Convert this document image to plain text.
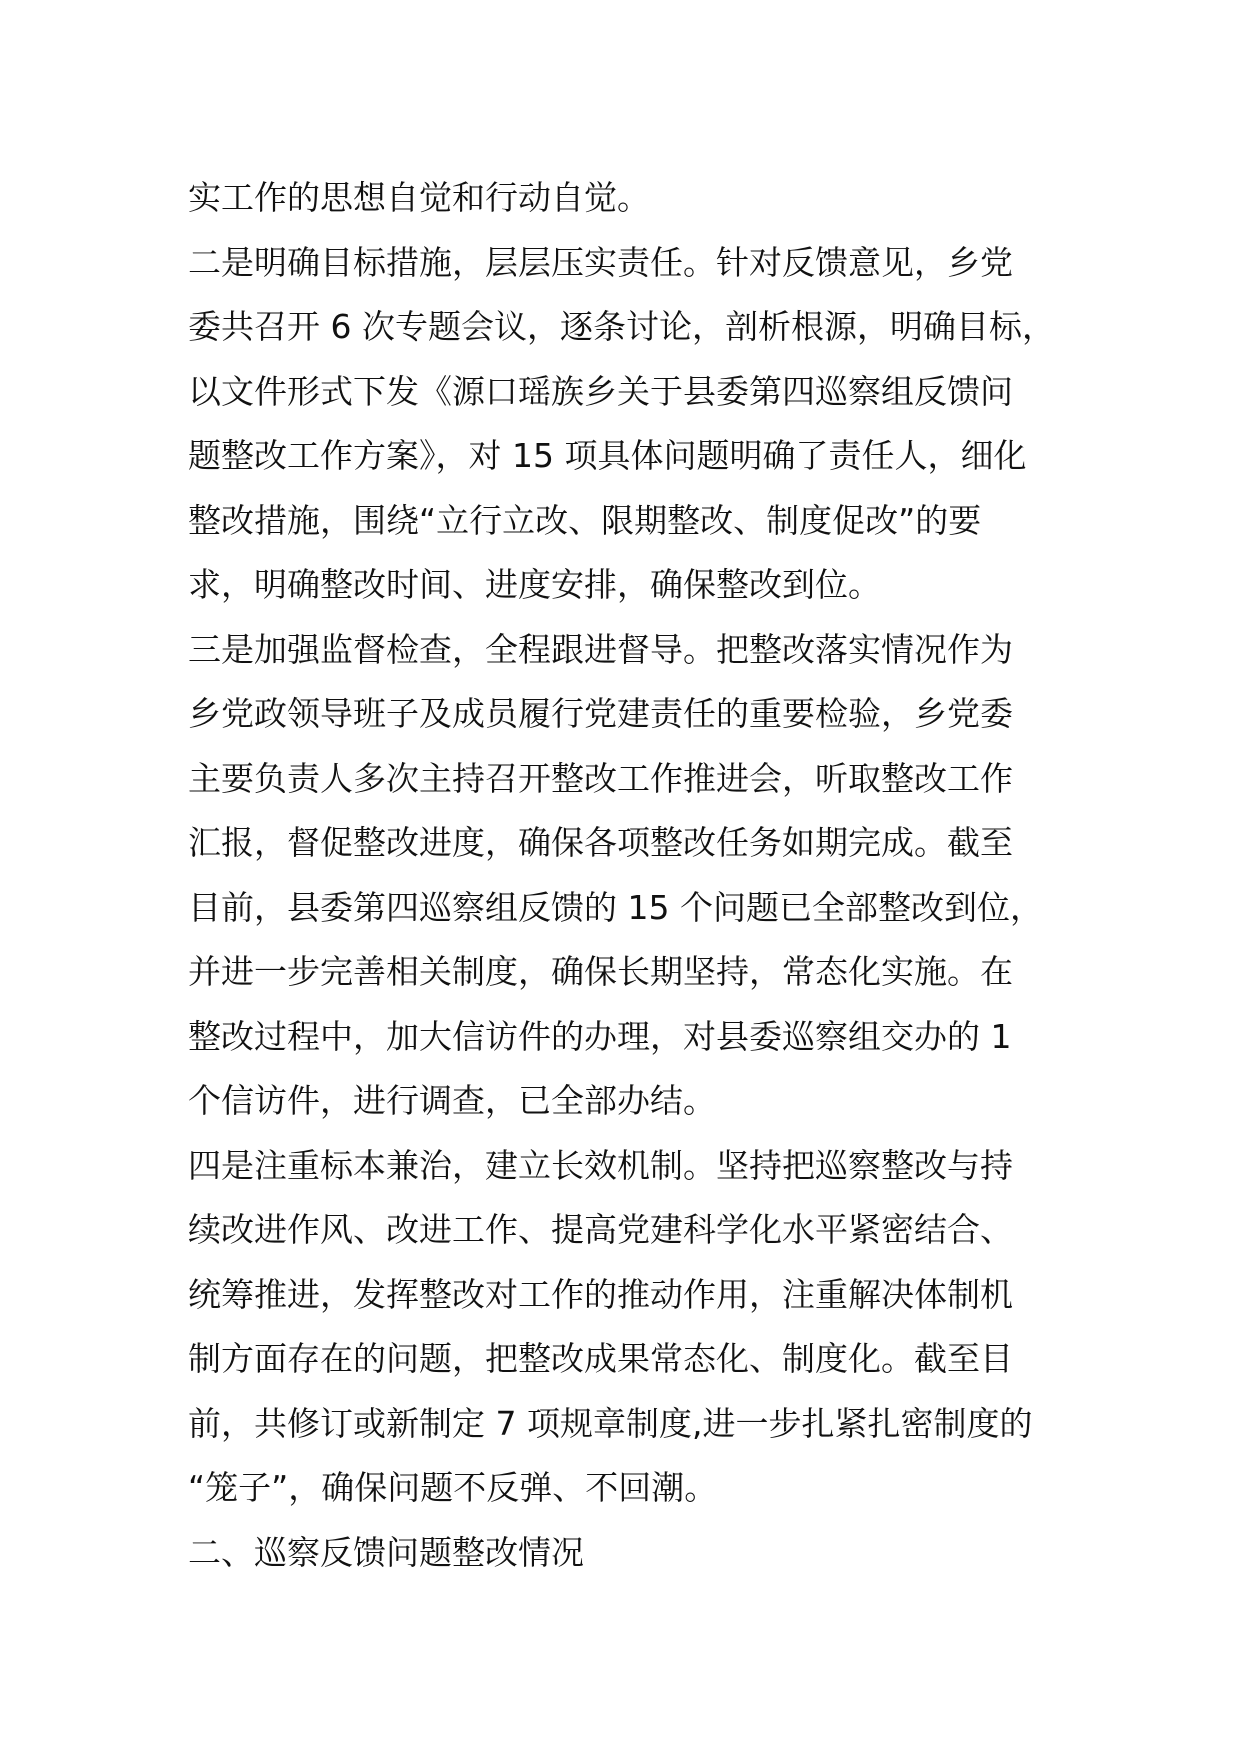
实工作的思想自觉和行动自觉。
二是明确目标措施，层层压实责任。针对反馈意见，乡党
委共召开 6 次专题会议，逐条讨论，剖析根源，明确目标，
以文件形式下发《源口瑶族乡关于县委第四巡察组反馈问
题整改工作方案》，对 15 项具体问题明确了责任人，细化
整改措施，围绕“立行立改、限期整改、制度促改”的要
求，明确整改时间、进度安排，确保整改到位。
三是加强监督检查，全程跟进督导。把整改落实情况作为
乡党政领导班子及成员履行党建责任的重要检验，乡党委
主要负责人多次主持召开整改工作推进会，听取整改工作
汇报，督促整改进度，确保各项整改任务如期完成。截至
目前，县委第四巡察组反馈的 15 个问题已全部整改到位，
并进一步完善相关制度，确保长期坚持，常态化实施。在
整改过程中，加大信访件的办理，对县委巡察组交办的 1
个信访件，进行调查，已全部办结。
四是注重标本兼治，建立长效机制。坚持把巡察整改与持
续改进作风、改进工作、提高党建科学化水平紧密结合、
统筹推进，发挥整改对工作的推动作用，注重解决体制机
制方面存在的问题，把整改成果常态化、制度化。截至目
前，共修订或新制定 7 项规章制度,进一步扎紧扎密制度的
“笼子”，确保问题不反弹、不回潮。
二、巡察反馈问题整改情况
